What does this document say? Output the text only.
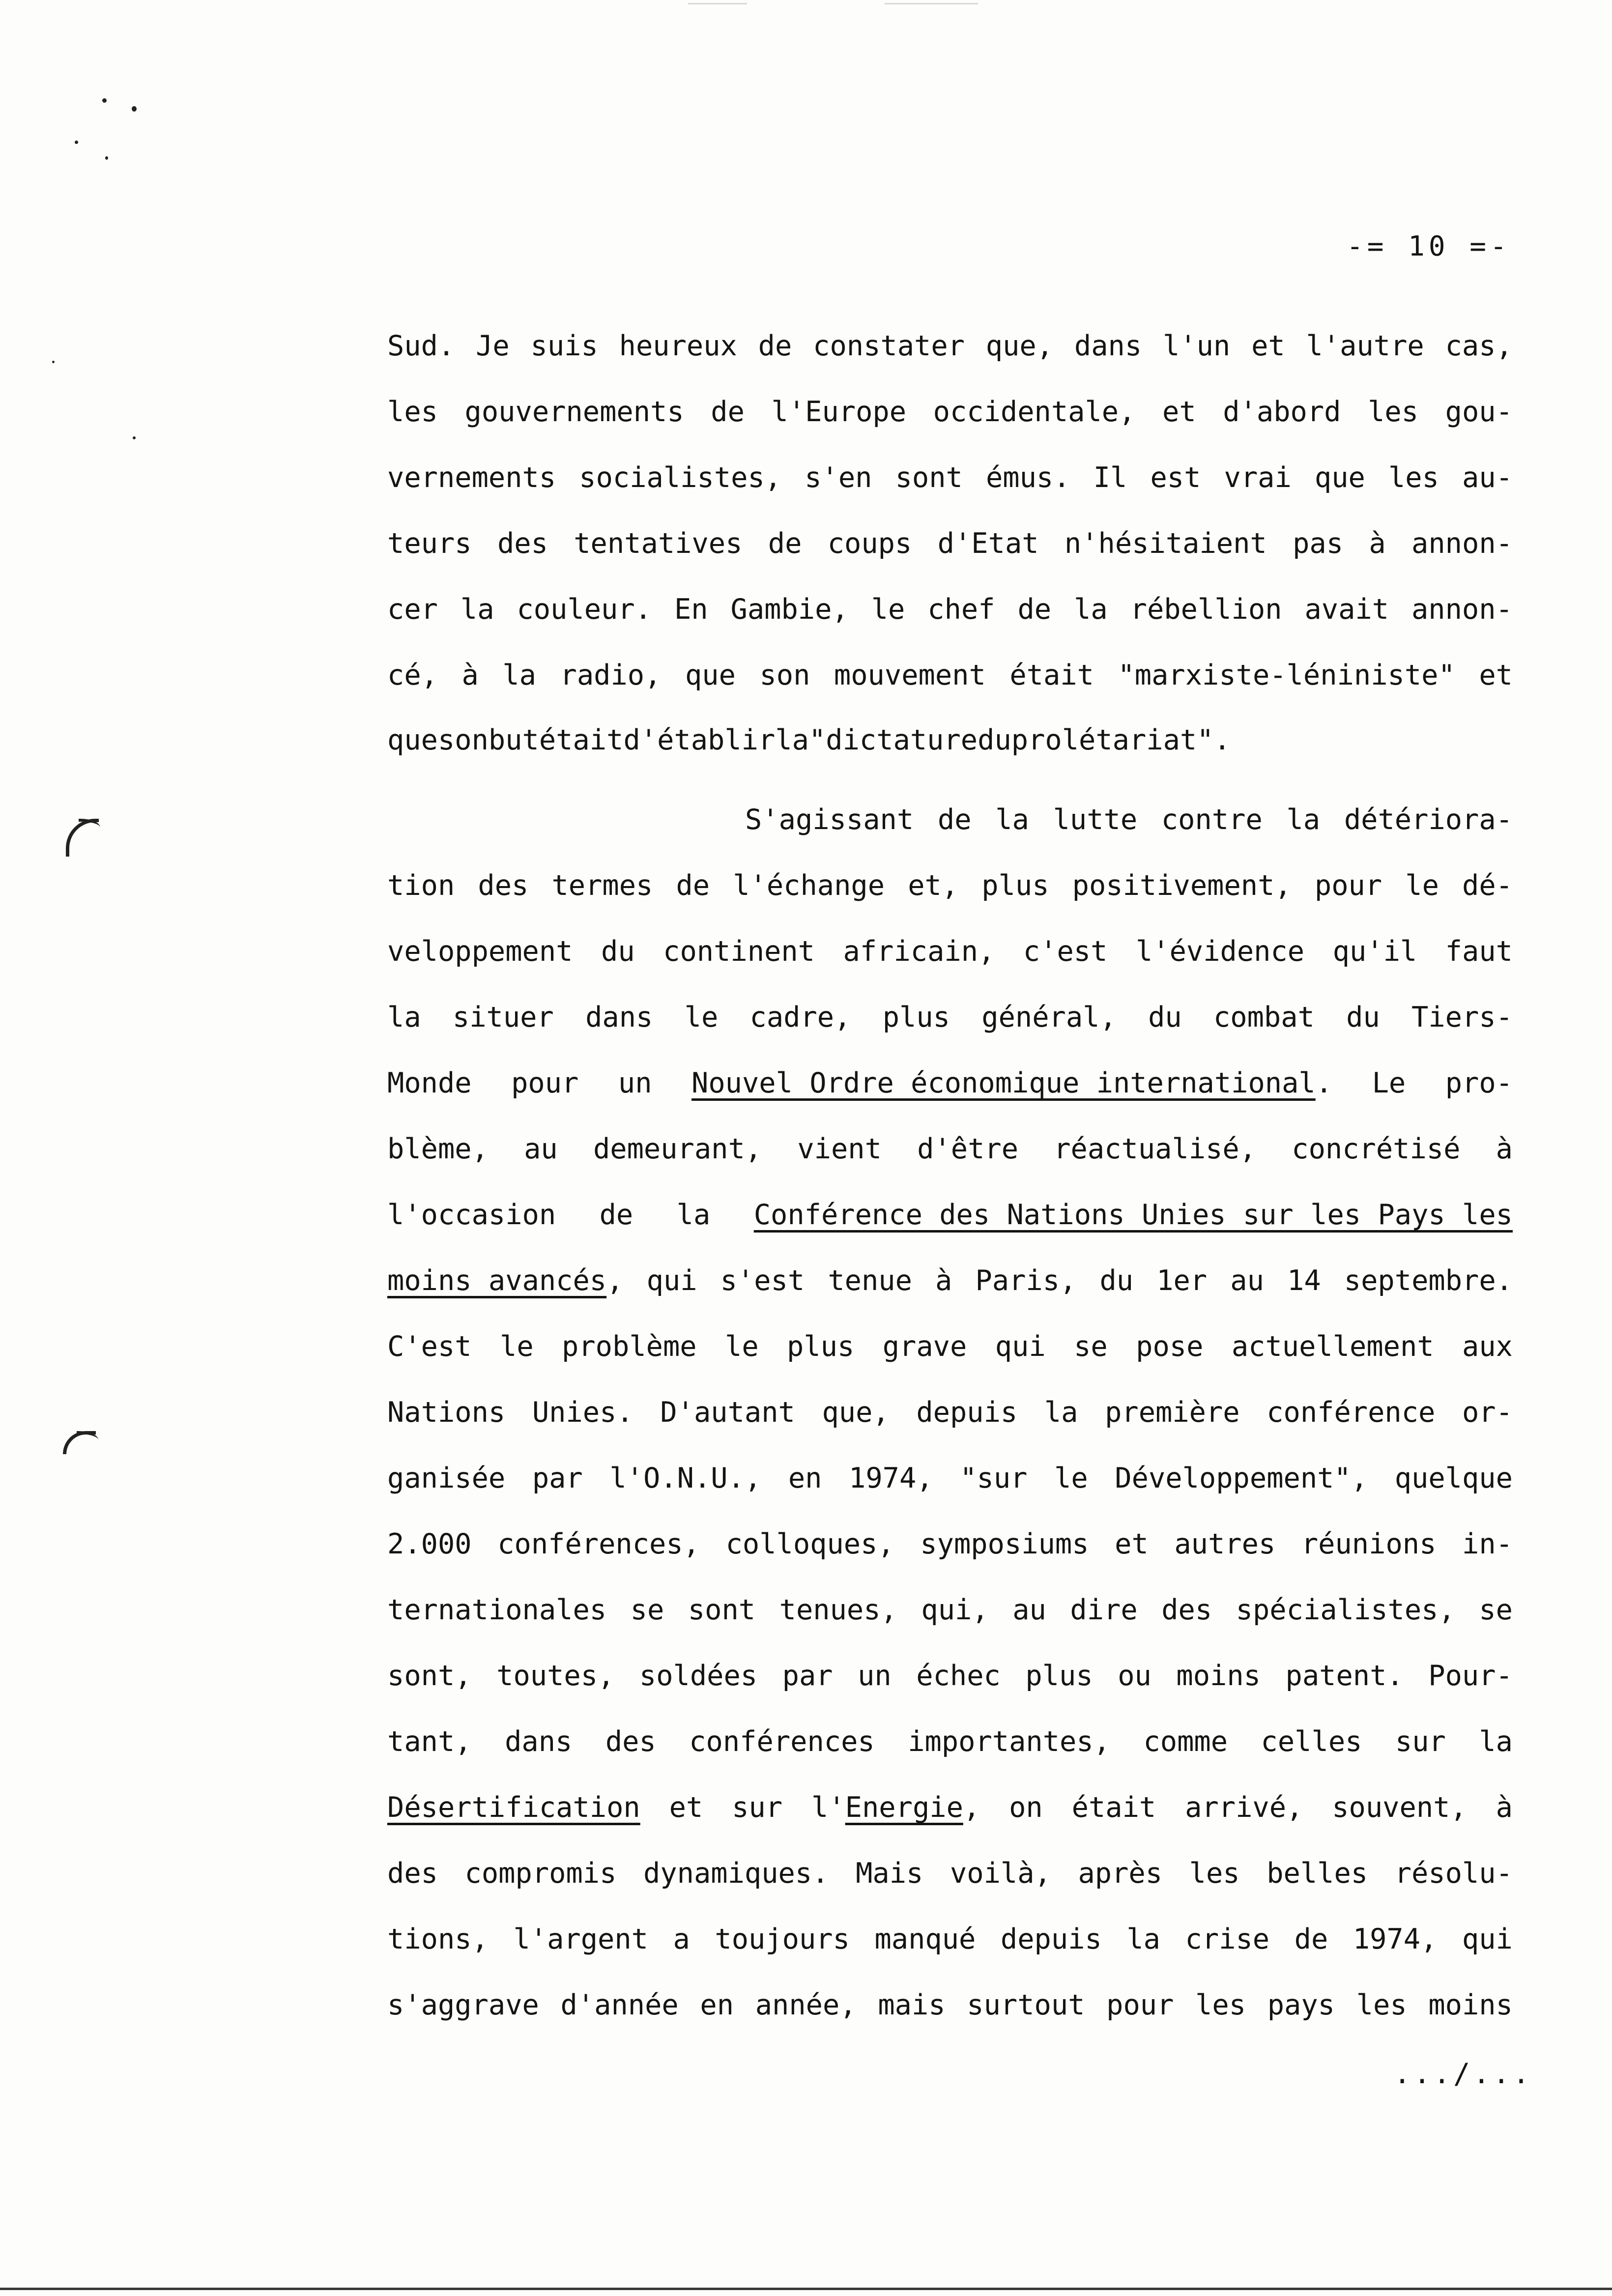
-= 10 =-
Sud. Je suis heureux de constater que, dans l'un et l'autre cas,
les gouvernements de l'Europe occidentale, et d'abord les gou-
vernements socialistes, s'en sont émus. Il est vrai que les au-
teurs des tentatives de coups d'Etat n'hésitaient pas à annon-
cer la couleur. En Gambie, le chef de la rébellion avait annon-
cé, à la radio, que son mouvement était "marxiste-léniniste" et
que son but était d'établir la "dictature du prolétariat".
S'agissant de la lutte contre la détériora-
tion des termes de l'échange et, plus positivement, pour le dé-
veloppement du continent africain, c'est l'évidence qu'il faut
la situer dans le cadre, plus général, du combat du Tiers-
Monde pour un Nouvel Ordre économique international. Le pro-
blème, au demeurant, vient d'être réactualisé, concrétisé à
l'occasion de la Conférence des Nations Unies sur les Pays les
moins avancés, qui s'est tenue à Paris, du 1er au 14 septembre.
C'est le problème le plus grave qui se pose actuellement aux
Nations Unies. D'autant que, depuis la première conférence or-
ganisée par l'O.N.U., en 1974, "sur le Développement", quelque
2.000 conférences, colloques, symposiums et autres réunions in-
ternationales se sont tenues, qui, au dire des spécialistes, se
sont, toutes, soldées par un échec plus ou moins patent. Pour-
tant, dans des conférences importantes, comme celles sur la
Désertification et sur l'Energie, on était arrivé, souvent, à
des compromis dynamiques. Mais voilà, après les belles résolu-
tions, l'argent a toujours manqué depuis la crise de 1974, qui
s'aggrave d'année en année, mais surtout pour les pays les moins
.../...
